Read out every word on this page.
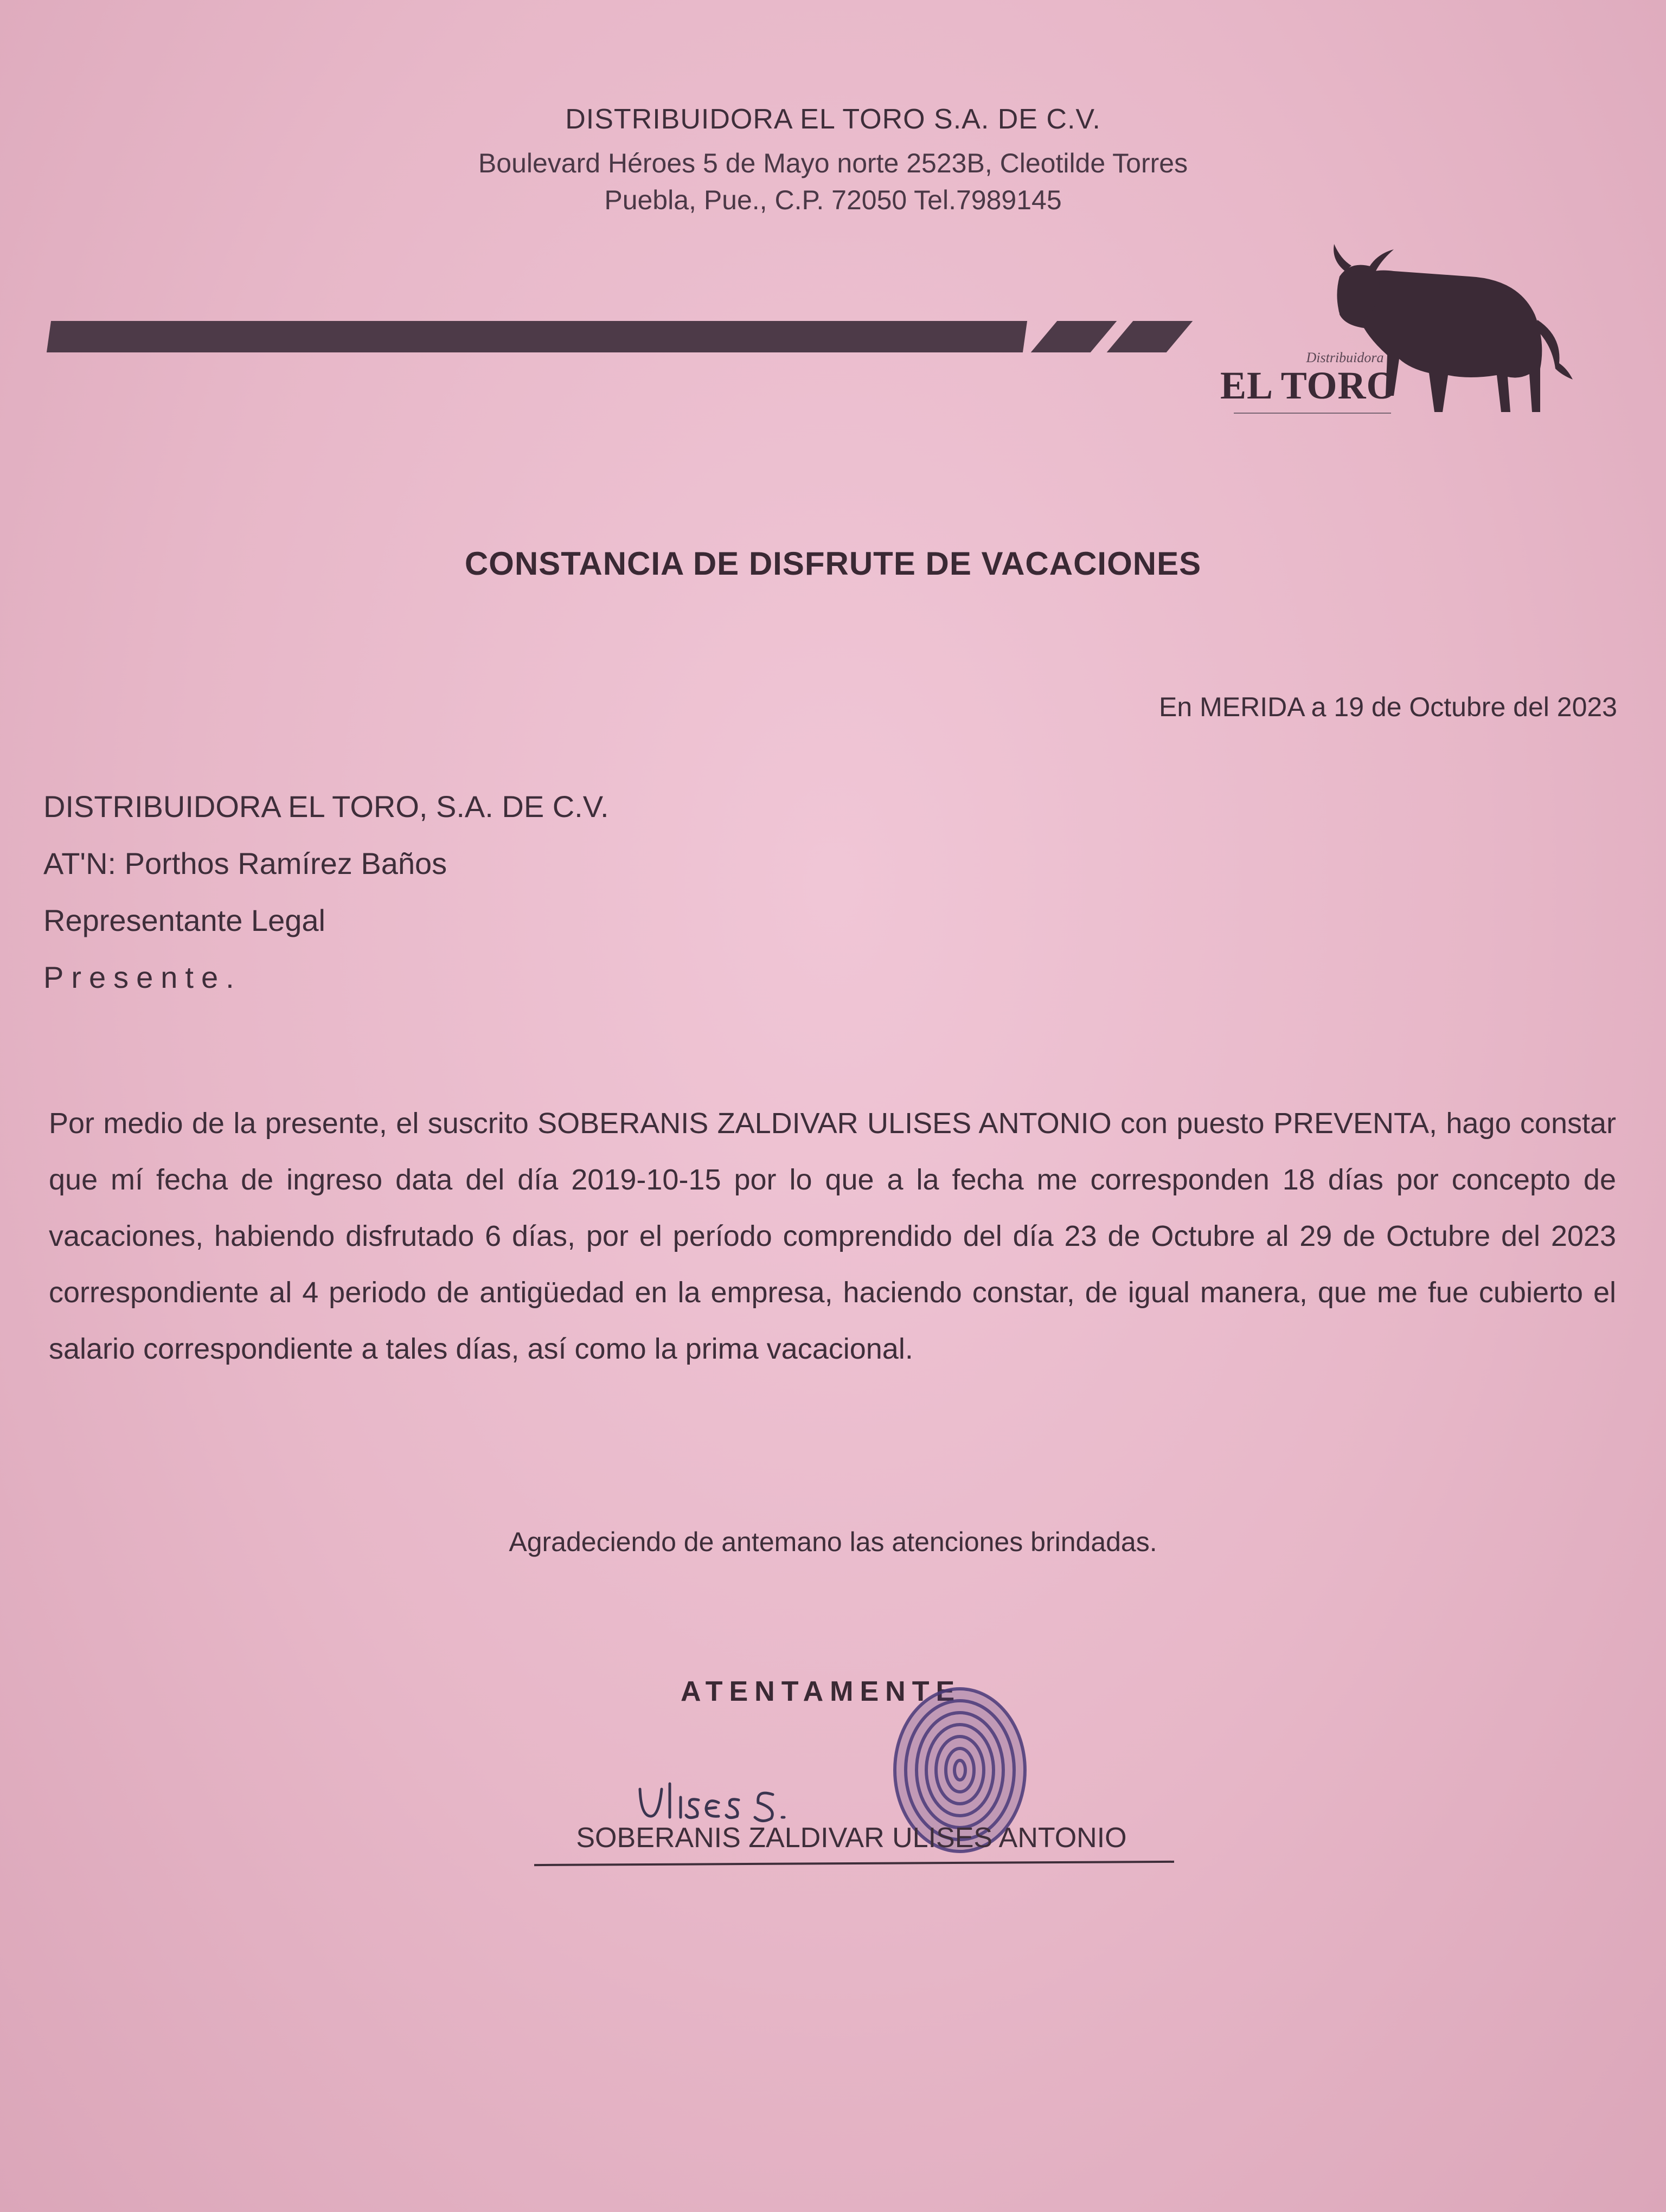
DISTRIBUIDORA EL TORO S.A. DE C.V.
Boulevard Héroes 5 de Mayo norte 2523B, Cleotilde Torres
Puebla, Pue., C.P. 72050 Tel.7989145
Distribuidora
EL TORO
CONSTANCIA DE DISFRUTE DE VACACIONES
En MERIDA a 19 de Octubre del 2023
DISTRIBUIDORA EL TORO, S.A. DE C.V.
AT'N: Porthos Ramírez Baños
Representante Legal
Presente.
Por medio de la presente, el suscrito SOBERANIS ZALDIVAR ULISES ANTONIO con puesto PREVENTA, hago constar que mí fecha de ingreso data del día 2019-10-15 por lo que a la fecha me corresponden 18 días por concepto de vacaciones, habiendo disfrutado 6 días, por el período comprendido del día 23 de Octubre al 29 de Octubre del 2023 correspondiente al 4 periodo de antigüedad en la empresa, haciendo constar, de igual manera, que me fue cubierto el salario correspondiente a tales días, así como la prima vacacional.
Agradeciendo de antemano las atenciones brindadas.
ATENTAMENTE
SOBERANIS ZALDIVAR ULISES ANTONIO
